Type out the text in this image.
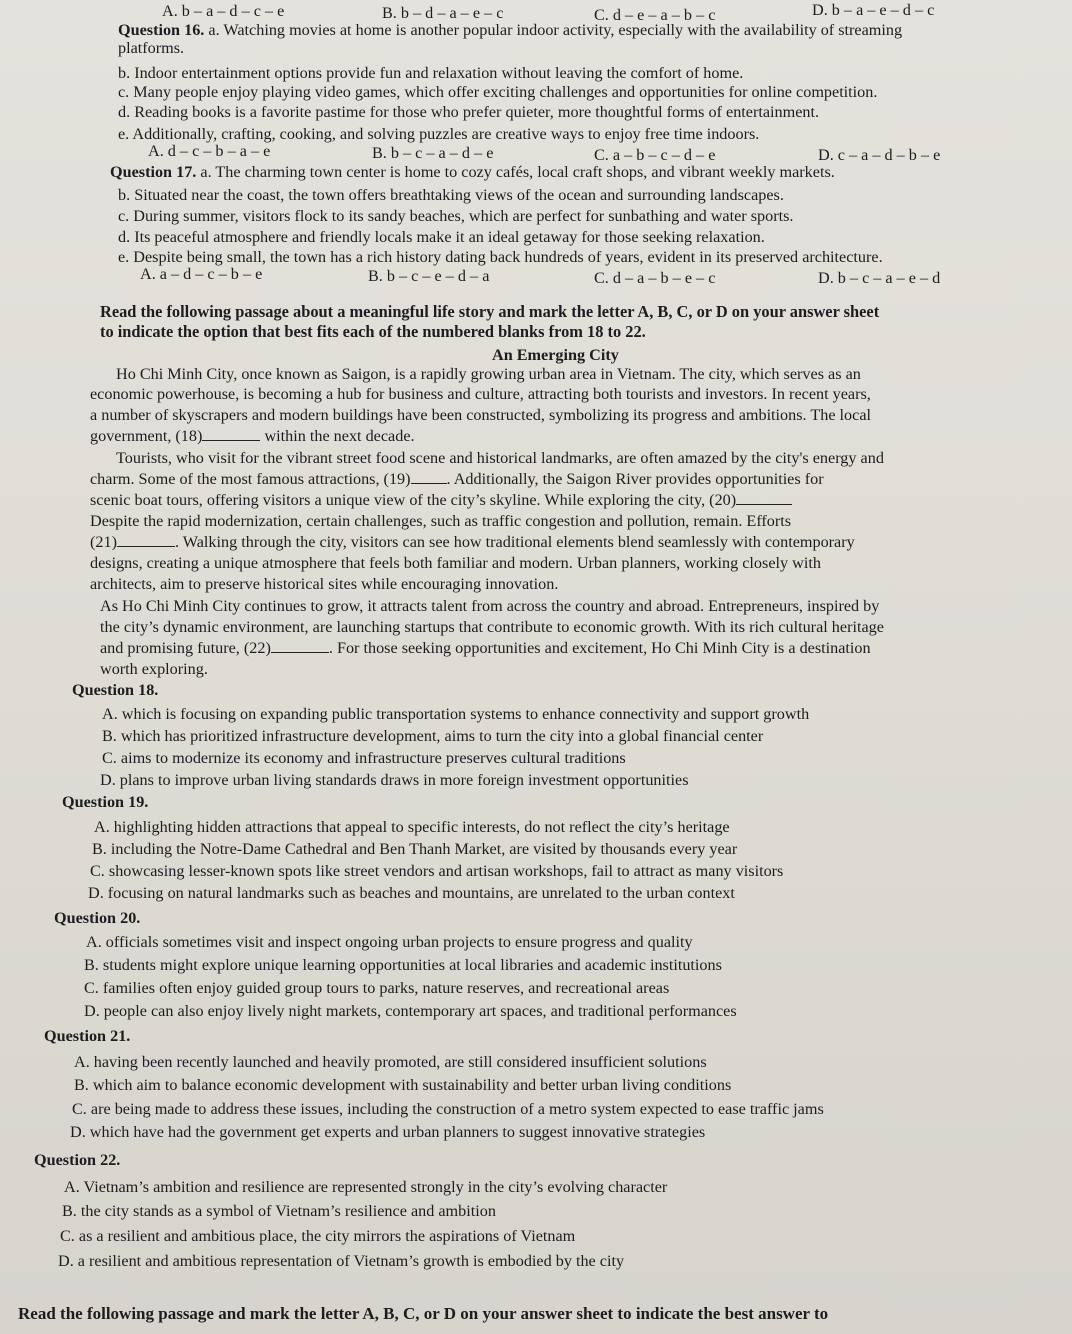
A. b – a – d – c – e	B. b – d – a – e – c	C. d – e – a – b – c	D. b – a – e – d – c
Question 16. a. Watching movies at home is another popular indoor activity, especially with the availability of streaming
platforms.
b. Indoor entertainment options provide fun and relaxation without leaving the comfort of home.
c. Many people enjoy playing video games, which offer exciting challenges and opportunities for online competition.
d. Reading books is a favorite pastime for those who prefer quieter, more thoughtful forms of entertainment.
e. Additionally, crafting, cooking, and solving puzzles are creative ways to enjoy free time indoors.
A. d – c – b – a – e	B. b – c – a – d – e	C. a – b – c – d – e	D. c – a – d – b – e
Question 17. a. The charming town center is home to cozy cafés, local craft shops, and vibrant weekly markets.
b. Situated near the coast, the town offers breathtaking views of the ocean and surrounding landscapes.
c. During summer, visitors flock to its sandy beaches, which are perfect for sunbathing and water sports.
d. Its peaceful atmosphere and friendly locals make it an ideal getaway for those seeking relaxation.
e. Despite being small, the town has a rich history dating back hundreds of years, evident in its preserved architecture.
A. a – d – c – b – e	B. b – c – e – d – a	C. d – a – b – e – c	D. b – c – a – e – d
Read the following passage about a meaningful life story and mark the letter A, B, C, or D on your answer sheet
to indicate the option that best fits each of the numbered blanks from 18 to 22.
An Emerging City
Ho Chi Minh City, once known as Saigon, is a rapidly growing urban area in Vietnam. The city, which serves as an
economic powerhouse, is becoming a hub for business and culture, attracting both tourists and investors. In recent years,
a number of skyscrapers and modern buildings have been constructed, symbolizing its progress and ambitions. The local
government, (18)	within the next decade.
Tourists, who visit for the vibrant street food scene and historical landmarks, are often amazed by the city's energy and
charm. Some of the most famous attractions, (19) . Additionally, the Saigon River provides opportunities for
scenic boat tours, offering visitors a unique view of the city’s skyline. While exploring the city, (20)
Despite the rapid modernization, certain challenges, such as traffic congestion and pollution, remain. Efforts
(21)	. Walking through the city, visitors can see how traditional elements blend seamlessly with contemporary
designs, creating a unique atmosphere that feels both familiar and modern. Urban planners, working closely with
architects, aim to preserve historical sites while encouraging innovation.
As Ho Chi Minh City continues to grow, it attracts talent from across the country and abroad. Entrepreneurs, inspired by
the city’s dynamic environment, are launching startups that contribute to economic growth. With its rich cultural heritage
and promising future, (22)	. For those seeking opportunities and excitement, Ho Chi Minh City is a destination
worth exploring.
Question 18.
A. which is focusing on expanding public transportation systems to enhance connectivity and support growth
B. which has prioritized infrastructure development, aims to turn the city into a global financial center
C. aims to modernize its economy and infrastructure preserves cultural traditions
D. plans to improve urban living standards draws in more foreign investment opportunities
Question 19.
A. highlighting hidden attractions that appeal to specific interests, do not reflect the city’s heritage
B. including the Notre-Dame Cathedral and Ben Thanh Market, are visited by thousands every year
C. showcasing lesser-known spots like street vendors and artisan workshops, fail to attract as many visitors
D. focusing on natural landmarks such as beaches and mountains, are unrelated to the urban context
Question 20.
A. officials sometimes visit and inspect ongoing urban projects to ensure progress and quality
B. students might explore unique learning opportunities at local libraries and academic institutions
C. families often enjoy guided group tours to parks, nature reserves, and recreational areas
D. people can also enjoy lively night markets, contemporary art spaces, and traditional performances
Question 21.
A. having been recently launched and heavily promoted, are still considered insufficient solutions
B. which aim to balance economic development with sustainability and better urban living conditions
C. are being made to address these issues, including the construction of a metro system expected to ease traffic jams
D. which have had the government get experts and urban planners to suggest innovative strategies
Question 22.
A. Vietnam’s ambition and resilience are represented strongly in the city’s evolving character
B. the city stands as a symbol of Vietnam’s resilience and ambition
C. as a resilient and ambitious place, the city mirrors the aspirations of Vietnam
D. a resilient and ambitious representation of Vietnam’s growth is embodied by the city
Read the following passage and mark the letter A, B, C, or D on your answer sheet to indicate the best answer to
